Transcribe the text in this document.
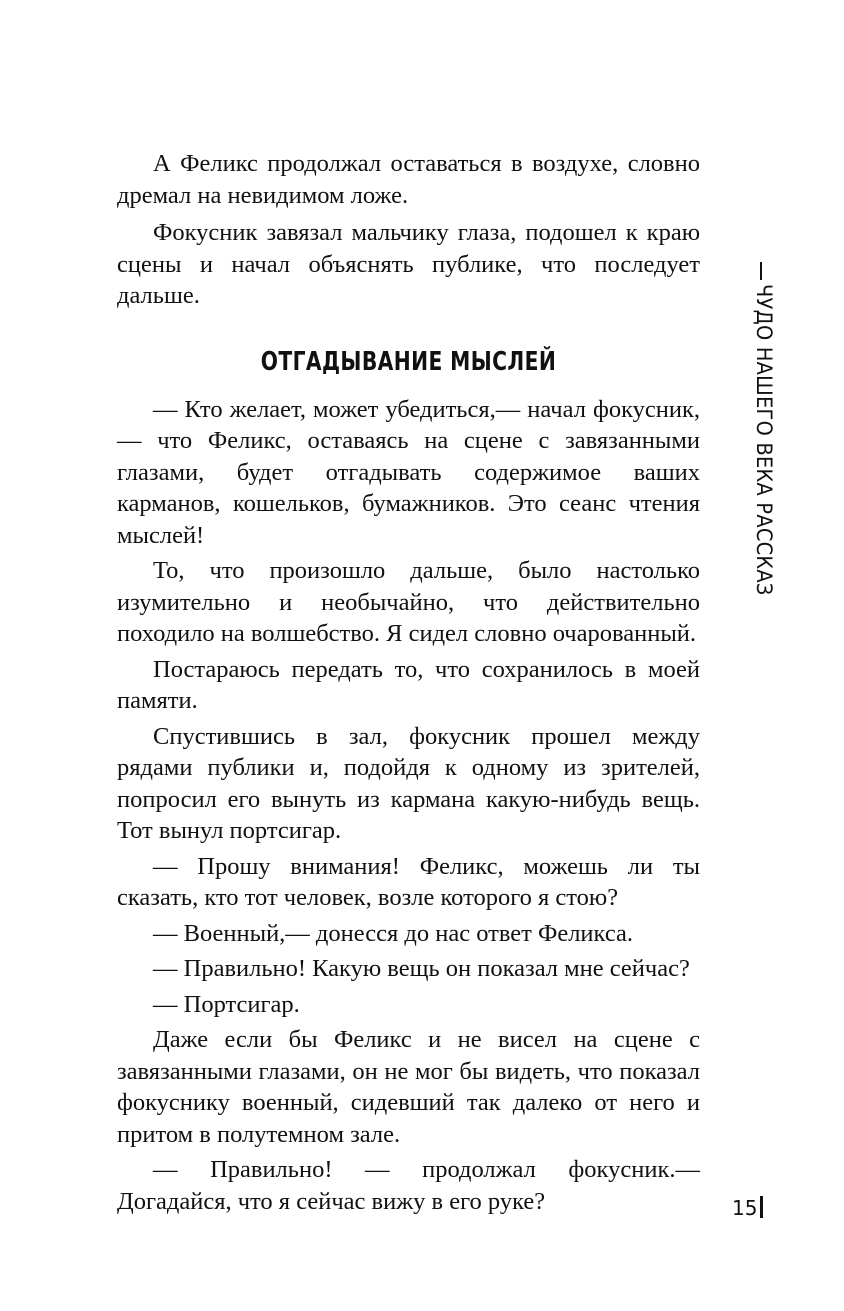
ЧУДО НАШЕГО ВЕКА РАССКАЗ

А Феликс продолжал оставаться в воздухе, словно дремал на невидимом ложе.

Фокусник завязал мальчику глаза, подошел к краю сцены и начал объяснять публике, что последует дальше.

ОТГАДЫВАНИЕ МЫСЛЕЙ

— Кто желает, может убедиться,— начал фокусник,— что Феликс, оставаясь на сцене с завязанными глазами, будет отгадывать содержимое ваших карманов, кошельков, бумажников. Это сеанс чтения мыслей!

То, что произошло дальше, было настолько изумительно и необычайно, что действительно походило на волшебство. Я сидел словно очарованный.

Постараюсь передать то, что сохранилось в моей памяти.

Спустившись в зал, фокусник прошел между рядами публики и, подойдя к одному из зрителей, попросил его вынуть из кармана какую-нибудь вещь. Тот вынул портсигар.

— Прошу внимания! Феликс, можешь ли ты сказать, кто тот человек, возле которого я стою?

— Военный,— донесся до нас ответ Феликса.

— Правильно! Какую вещь он показал мне сейчас?

— Портсигар.

Даже если бы Феликс и не висел на сцене с завязанными глазами, он не мог бы видеть, что показал фокуснику военный, сидевший так далеко от него и притом в полутемном зале.

— Правильно! — продолжал фокусник.— Догадайся, что я сейчас вижу в его руке?	15
